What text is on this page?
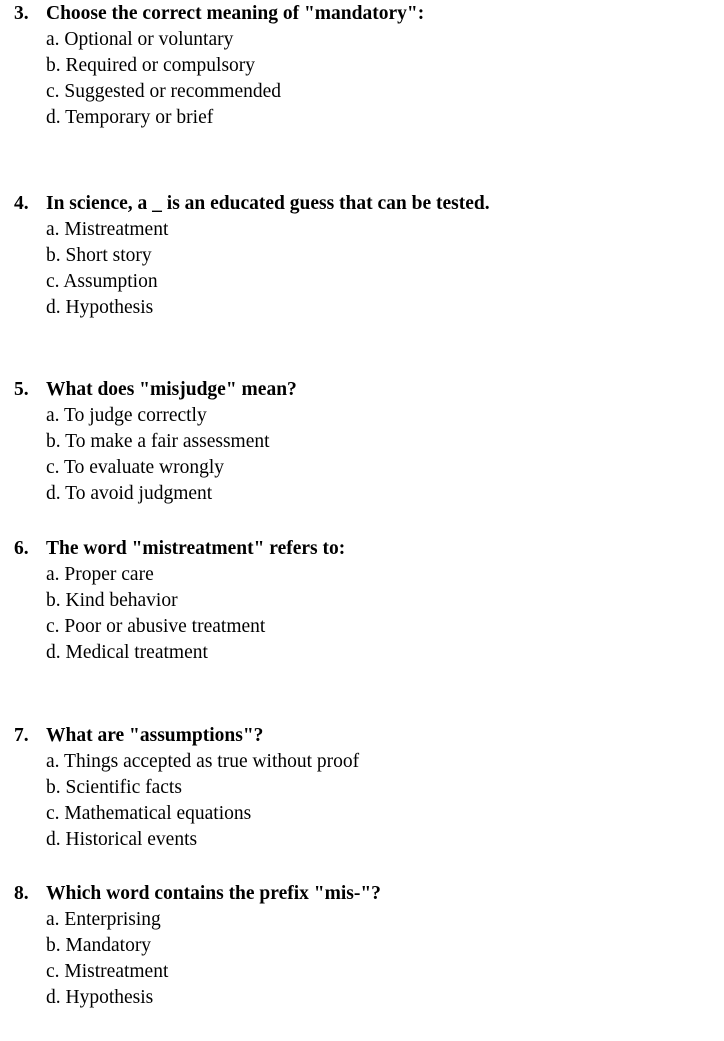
3. Choose the correct meaning of "mandatory":
a. Optional or voluntary
b. Required or compulsory
c. Suggested or recommended
d. Temporary or brief
4. In science, a _ is an educated guess that can be tested.
a. Mistreatment
b. Short story
c. Assumption
d. Hypothesis
5. What does "misjudge" mean?
a. To judge correctly
b. To make a fair assessment
c. To evaluate wrongly
d. To avoid judgment
6. The word "mistreatment" refers to:
a. Proper care
b. Kind behavior
c. Poor or abusive treatment
d. Medical treatment
7. What are "assumptions"?
a. Things accepted as true without proof
b. Scientific facts
c. Mathematical equations
d. Historical events
8. Which word contains the prefix "mis-"?
a. Enterprising
b. Mandatory
c. Mistreatment
d. Hypothesis
